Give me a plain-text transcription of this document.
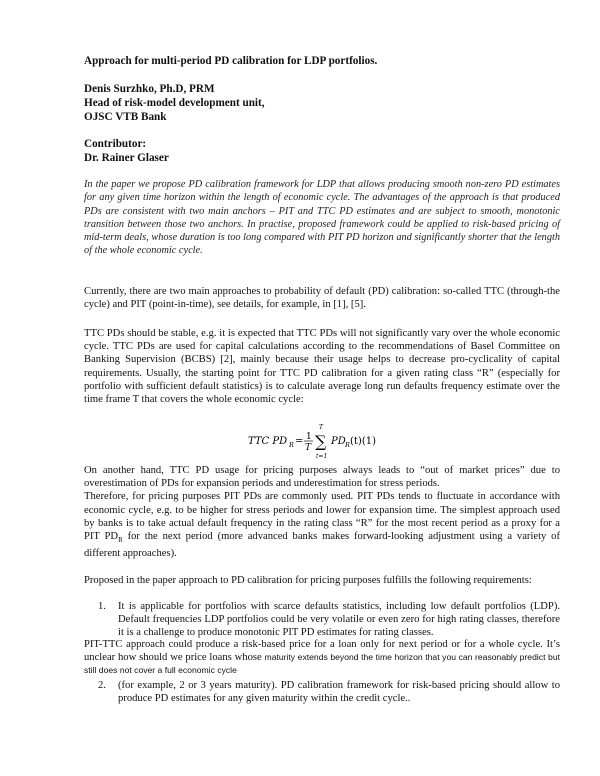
Approach for multi-period PD calibration for LDP portfolios.
Denis Surzhko, Ph.D, PRM
Head of risk-model development unit,
OJSC VTB Bank
Contributor:
Dr. Rainer Glaser
In the paper we propose PD calibration framework for LDP that allows producing smooth non-zero PD estimates for any given time horizon within the length of economic cycle. The advantages of the approach is that produced PDs are consistent with two main anchors – PIT and TTC PD estimates and are subject to smooth, monotonic transition between those two anchors. In practise, proposed framework could be applied to risk-based pricing of mid-term deals, whose duration is too long compared with PIT PD horizon and significantly shorter that the length of the whole economic cycle.
Currently, there are two main approaches to probability of default (PD) calibration: so-called TTC (through-the cycle) and PIT (point-in-time), see details, for example, in [1], [5].
TTC PDs should be stable, e.g. it is expected that TTC PDs will not significantly vary over the whole economic cycle. TTC PDs are used for capital calculations according to the recommendations of Basel Committee on Banking Supervision (BCBS) [2], mainly because their usage helps to decrease pro-cyclicality of capital requirements. Usually, the starting point for TTC PD calibration for a given rating class “R” (especially for portfolio with sufficient default statistics) is to calculate average long run defaults frequency estimate over the time frame T that covers the whole economic cycle:
TTC PD R = 1
T ∑
T
t=1
PD R (t)(1)
On another hand, TTC PD usage for pricing purposes always leads to “out of market prices” due to overestimation of PDs for expansion periods and underestimation for stress periods.
Therefore, for pricing purposes PIT PDs are commonly used. PIT PDs tends to fluctuate in accordance with economic cycle, e.g. to be higher for stress periods and lower for expansion time. The simplest approach used by banks is to take actual default frequency in the rating class “R” for the most recent period as a proxy for a PIT $PD_R$ for the next period (more advanced banks makes forward-looking adjustment using a variety of different approaches).
Proposed in the paper approach to PD calibration for pricing purposes fulfills the following requirements:
1.	It is applicable for portfolios with scarce defaults statistics, including low default portfolios (LDP). Default frequencies LDP portfolios could be very volatile or even zero for high rating classes, therefore it is a challenge to produce monotonic PIT PD estimates for rating classes.
PIT-TTC approach could produce a risk-based price for a loan only for next period or for a whole cycle. It’s unclear how should we price loans whose maturity extends beyond the time horizon that you can reasonably predict but still does not cover a full economic cycle
2.	(for example, 2 or 3 years maturity). PD calibration framework for risk-based pricing should allow to produce PD estimates for any given maturity within the credit cycle..
